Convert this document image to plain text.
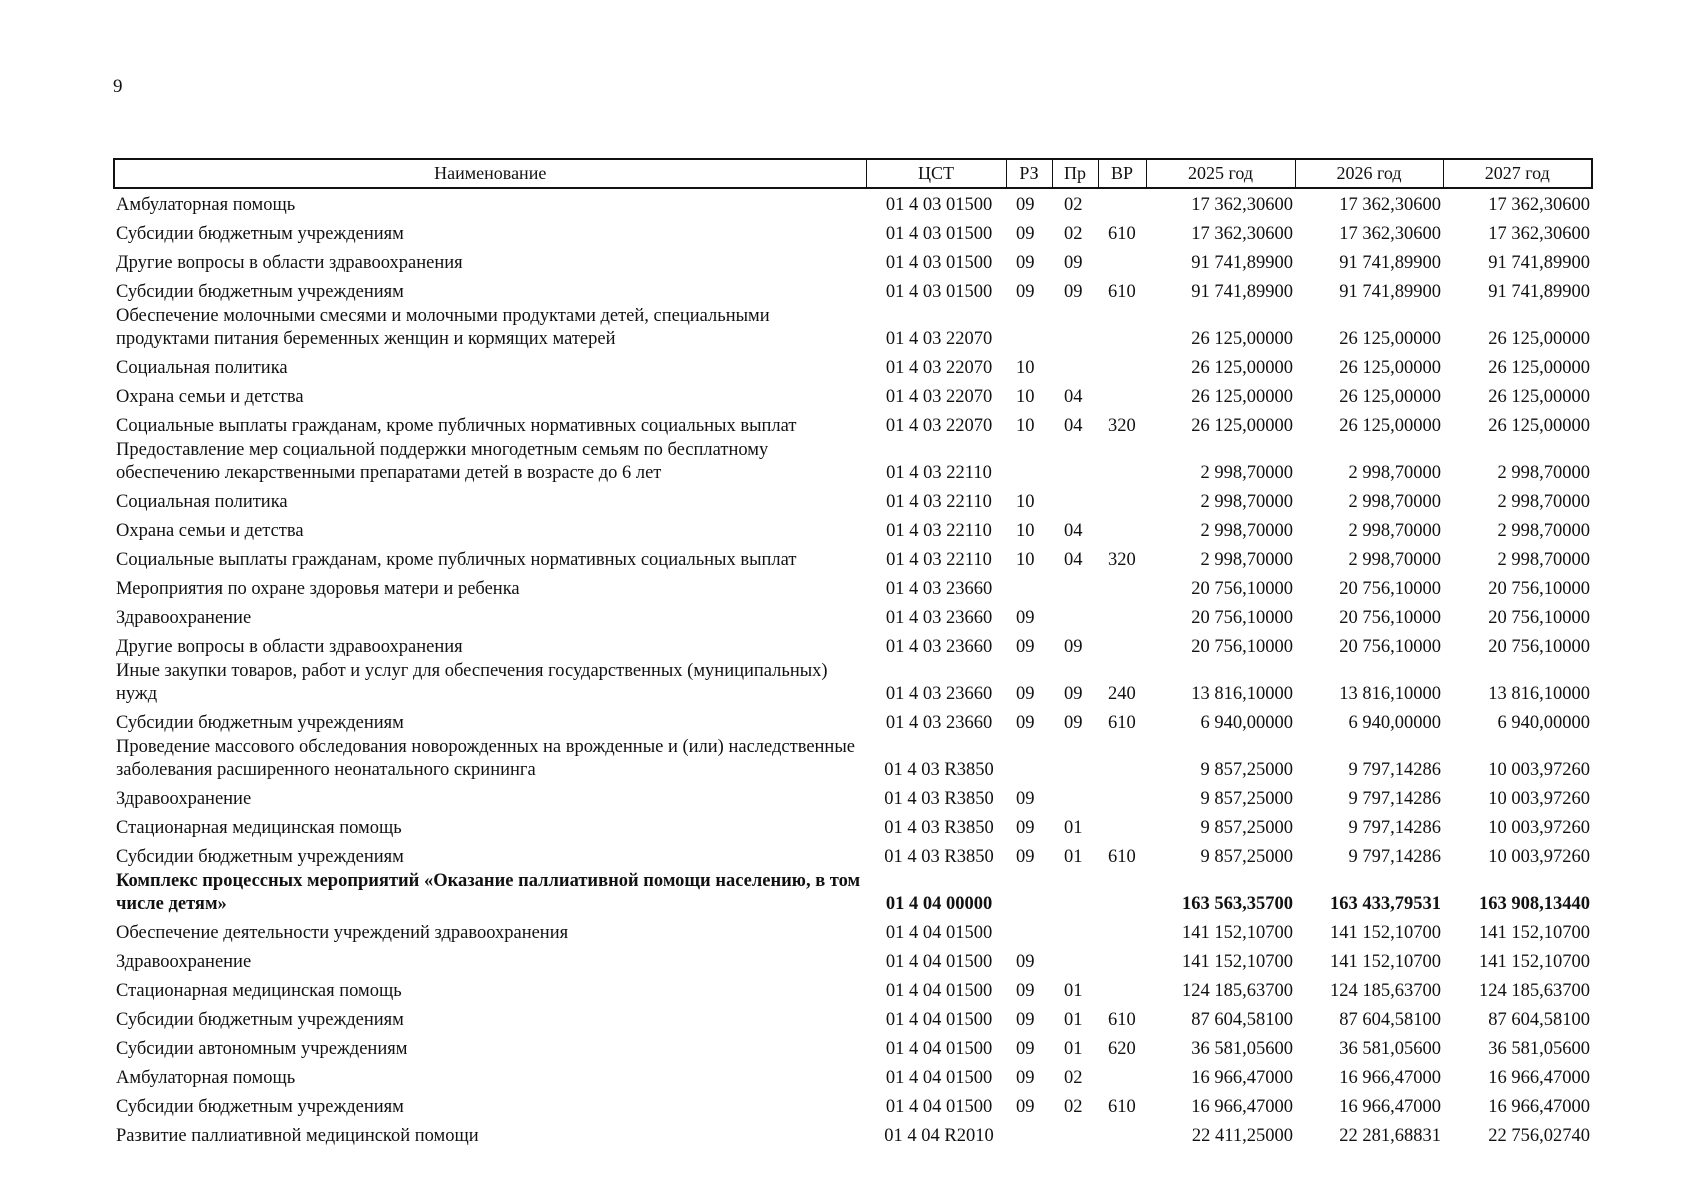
9
Наименование	ЦСТ	РЗ	Пр	ВР	2025 год	2026 год	2027 год
Амбулаторная помощь	01 4 03 01500	09	02		17 362,30600	17 362,30600	17 362,30600
Субсидии бюджетным учреждениям	01 4 03 01500	09	02	610	17 362,30600	17 362,30600	17 362,30600
Другие вопросы в области здравоохранения	01 4 03 01500	09	09		91 741,89900	91 741,89900	91 741,89900
Субсидии бюджетным учреждениям	01 4 03 01500	09	09	610	91 741,89900	91 741,89900	91 741,89900
Обеспечение молочными смесями и молочными продуктами детей, специальными продуктами питания беременных женщин и кормящих матерей	01 4 03 22070				26 125,00000	26 125,00000	26 125,00000
Социальная политика	01 4 03 22070	10			26 125,00000	26 125,00000	26 125,00000
Охрана семьи и детства	01 4 03 22070	10	04		26 125,00000	26 125,00000	26 125,00000
Социальные выплаты гражданам, кроме публичных нормативных социальных выплат	01 4 03 22070	10	04	320	26 125,00000	26 125,00000	26 125,00000
Предоставление мер социальной поддержки многодетным семьям по бесплатному обеспечению лекарственными препаратами детей в возрасте до 6 лет	01 4 03 22110				2 998,70000	2 998,70000	2 998,70000
Социальная политика	01 4 03 22110	10			2 998,70000	2 998,70000	2 998,70000
Охрана семьи и детства	01 4 03 22110	10	04		2 998,70000	2 998,70000	2 998,70000
Социальные выплаты гражданам, кроме публичных нормативных социальных выплат	01 4 03 22110	10	04	320	2 998,70000	2 998,70000	2 998,70000
Мероприятия по охране здоровья матери и ребенка	01 4 03 23660				20 756,10000	20 756,10000	20 756,10000
Здравоохранение	01 4 03 23660	09			20 756,10000	20 756,10000	20 756,10000
Другие вопросы в области здравоохранения	01 4 03 23660	09	09		20 756,10000	20 756,10000	20 756,10000
Иные закупки товаров, работ и услуг для обеспечения государственных (муниципальных) нужд	01 4 03 23660	09	09	240	13 816,10000	13 816,10000	13 816,10000
Субсидии бюджетным учреждениям	01 4 03 23660	09	09	610	6 940,00000	6 940,00000	6 940,00000
Проведение массового обследования новорожденных на врожденные и (или) наследственные заболевания расширенного неонатального скрининга	01 4 03 R3850				9 857,25000	9 797,14286	10 003,97260
Здравоохранение	01 4 03 R3850	09			9 857,25000	9 797,14286	10 003,97260
Стационарная медицинская помощь	01 4 03 R3850	09	01		9 857,25000	9 797,14286	10 003,97260
Субсидии бюджетным учреждениям	01 4 03 R3850	09	01	610	9 857,25000	9 797,14286	10 003,97260
Комплекс процессных мероприятий «Оказание паллиативной помощи населению, в том числе детям»	01 4 04 00000				163 563,35700	163 433,79531	163 908,13440
Обеспечение деятельности учреждений здравоохранения	01 4 04 01500				141 152,10700	141 152,10700	141 152,10700
Здравоохранение	01 4 04 01500	09			141 152,10700	141 152,10700	141 152,10700
Стационарная медицинская помощь	01 4 04 01500	09	01		124 185,63700	124 185,63700	124 185,63700
Субсидии бюджетным учреждениям	01 4 04 01500	09	01	610	87 604,58100	87 604,58100	87 604,58100
Субсидии автономным учреждениям	01 4 04 01500	09	01	620	36 581,05600	36 581,05600	36 581,05600
Амбулаторная помощь	01 4 04 01500	09	02		16 966,47000	16 966,47000	16 966,47000
Субсидии бюджетным учреждениям	01 4 04 01500	09	02	610	16 966,47000	16 966,47000	16 966,47000
Развитие паллиативной медицинской помощи	01 4 04 R2010				22 411,25000	22 281,68831	22 756,02740
